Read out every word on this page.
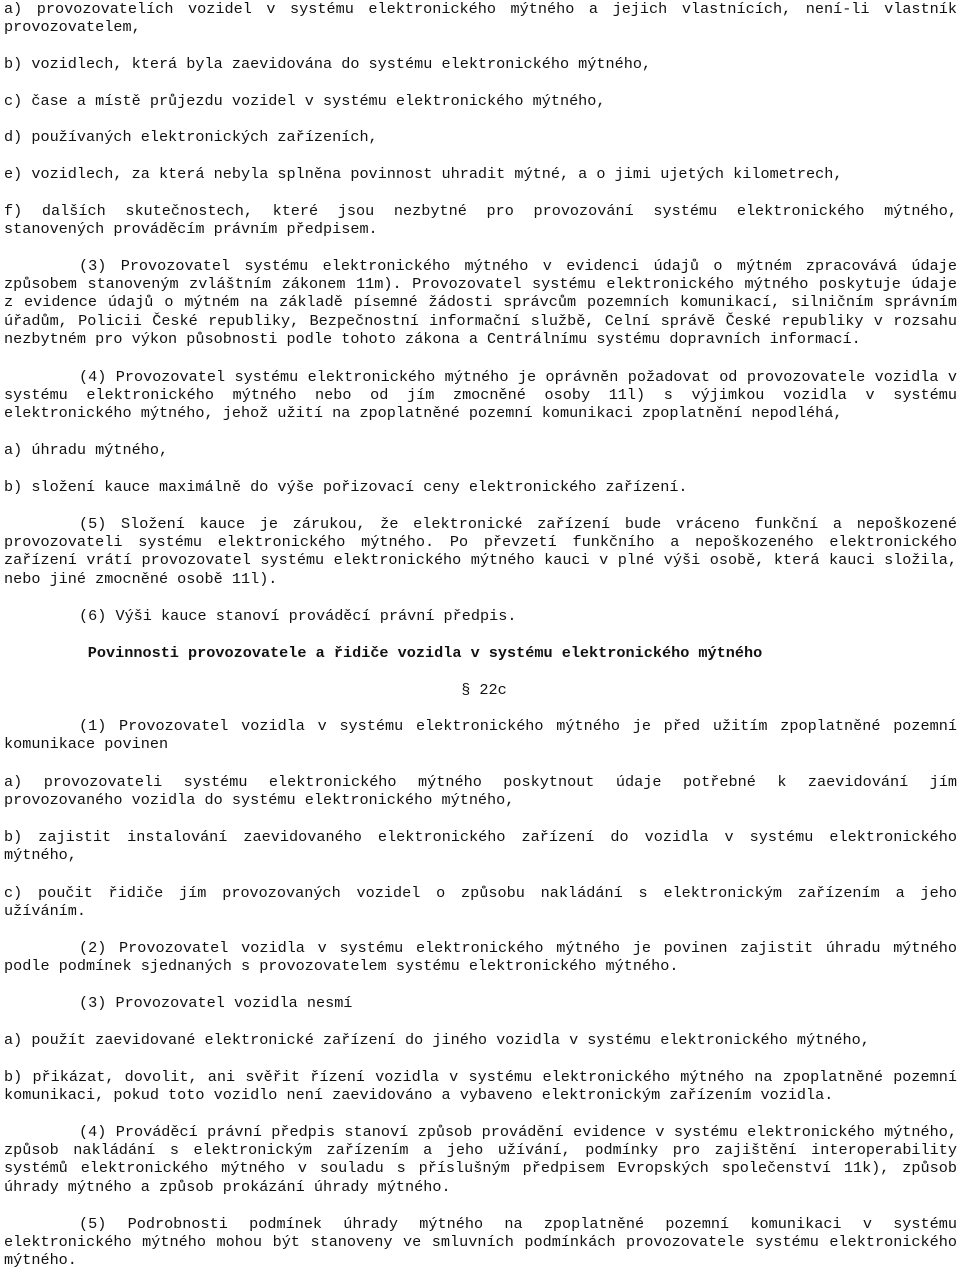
a) provozovatelích vozidel v systému elektronického mýtného a jejich vlastnících, není-li vlastník provozovatelem,

b) vozidlech, která byla zaevidována do systému elektronického mýtného,

c) čase a místě průjezdu vozidel v systému elektronického mýtného,

d) používaných elektronických zařízeních,

e) vozidlech, za která nebyla splněna povinnost uhradit mýtné, a o jimi ujetých kilometrech,

f) dalších skutečnostech, které jsou nezbytné pro provozování systému elektronického mýtného, stanovených prováděcím právním předpisem.

(3) Provozovatel systému elektronického mýtného v evidenci údajů o mýtném zpracovává údaje způsobem stanoveným zvláštním zákonem 11m). Provozovatel systému elektronického mýtného poskytuje údaje z evidence údajů o mýtném na základě písemné žádosti správcům pozemních komunikací, silničním správním úřadům, Policii České republiky, Bezpečnostní informační službě, Celní správě České republiky v rozsahu nezbytném pro výkon působnosti podle tohoto zákona a Centrálnímu systému dopravních informací.

(4) Provozovatel systému elektronického mýtného je oprávněn požadovat od provozovatele vozidla v systému elektronického mýtného nebo od jím zmocněné osoby 11l) s výjimkou vozidla v systému elektronického mýtného, jehož užití na zpoplatněné pozemní komunikaci zpoplatnění nepodléhá,

a) úhradu mýtného,

b) složení kauce maximálně do výše pořizovací ceny elektronického zařízení.

(5) Složení kauce je zárukou, že elektronické zařízení bude vráceno funkční a nepoškozené provozovateli systému elektronického mýtného. Po převzetí funkčního a nepoškozeného elektronického zařízení vrátí provozovatel systému elektronického mýtného kauci v plné výši osobě, která kauci složila, nebo jiné zmocněné osobě 11l).

(6) Výši kauce stanoví prováděcí právní předpis.

Povinnosti provozovatele a řidiče vozidla v systému elektronického mýtného

§ 22c

(1) Provozovatel vozidla v systému elektronického mýtného je před užitím zpoplatněné pozemní komunikace povinen

a) provozovateli systému elektronického mýtného poskytnout údaje potřebné k zaevidování jím provozovaného vozidla do systému elektronického mýtného,

b) zajistit instalování zaevidovaného elektronického zařízení do vozidla v systému elektronického mýtného,

c) poučit řidiče jím provozovaných vozidel o způsobu nakládání s elektronickým zařízením a jeho užíváním.

(2) Provozovatel vozidla v systému elektronického mýtného je povinen zajistit úhradu mýtného podle podmínek sjednaných s provozovatelem systému elektronického mýtného.

(3) Provozovatel vozidla nesmí

a) použít zaevidované elektronické zařízení do jiného vozidla v systému elektronického mýtného,

b) přikázat, dovolit, ani svěřit řízení vozidla v systému elektronického mýtného na zpoplatněné pozemní komunikaci, pokud toto vozidlo není zaevidováno a vybaveno elektronickým zařízením vozidla.

(4) Prováděcí právní předpis stanoví způsob provádění evidence v systému elektronického mýtného, způsob nakládání s elektronickým zařízením a jeho užívání, podmínky pro zajištění interoperability systémů elektronického mýtného v souladu s příslušným předpisem Evropských společenství 11k), způsob úhrady mýtného a způsob prokázání úhrady mýtného.

(5) Podrobnosti podmínek úhrady mýtného na zpoplatněné pozemní komunikaci v systému elektronického mýtného mohou být stanoveny ve smluvních podmínkách provozovatele systému elektronického mýtného.
